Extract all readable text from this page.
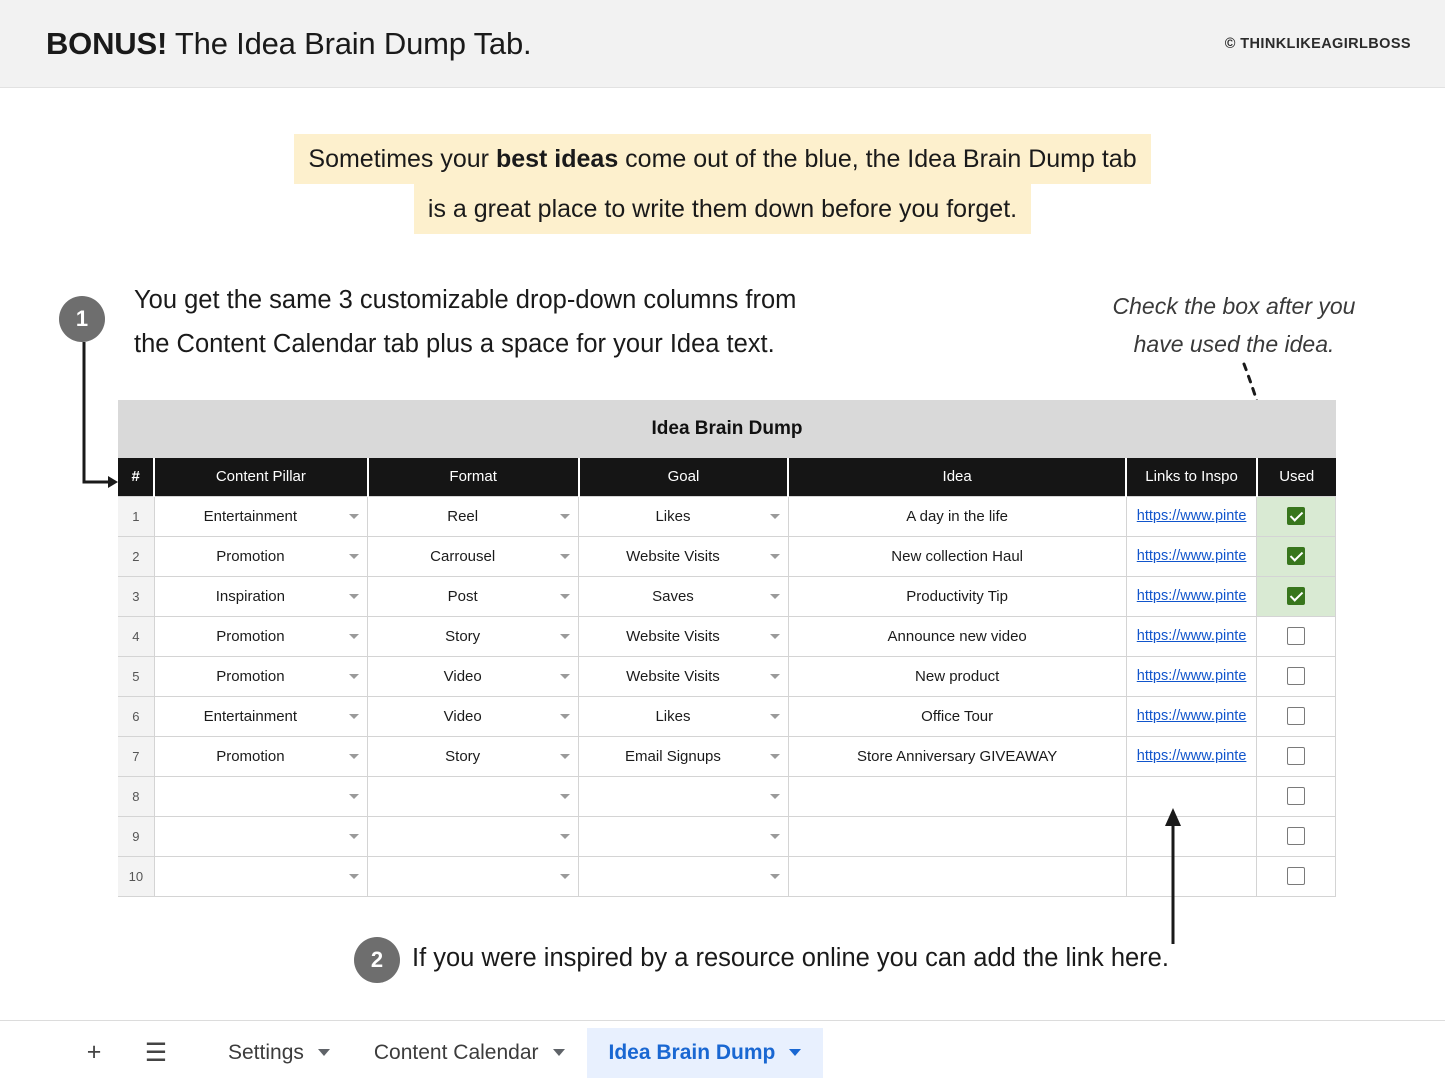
BONUS! The Idea Brain Dump Tab.	© THINKLIKEAGIRLBOSS
Sometimes your best ideas come out of the blue, the Idea Brain Dump tab
is a great place to write them down before you forget.
1
You get the same 3 customizable drop-down columns from
the Content Calendar tab plus a space for your Idea text.
Check the box after you
have used the idea.
Idea Brain Dump
#	Content Pillar	Format	Goal	Idea	Links to Inspo	Used
1	Entertainment	Reel	Likes	A day in the life	https://www.pinte	

2	Promotion	Carrousel	Website Visits	New collection Haul	https://www.pinte	

3	Inspiration	Post	Saves	Productivity Tip	https://www.pinte	

4	Promotion	Story	Website Visits	Announce new video	https://www.pinte	

5	Promotion	Video	Website Visits	New product	https://www.pinte	

6	Entertainment	Video	Likes	Office Tour	https://www.pinte	

7	Promotion	Story	Email Signups	Store Anniversary GIVEAWAY	https://www.pinte	

8	

9	

10	

2	If you were inspired by a resource online you can add the link here.
+	☰	Settings	Content Calendar	Idea Brain Dump
